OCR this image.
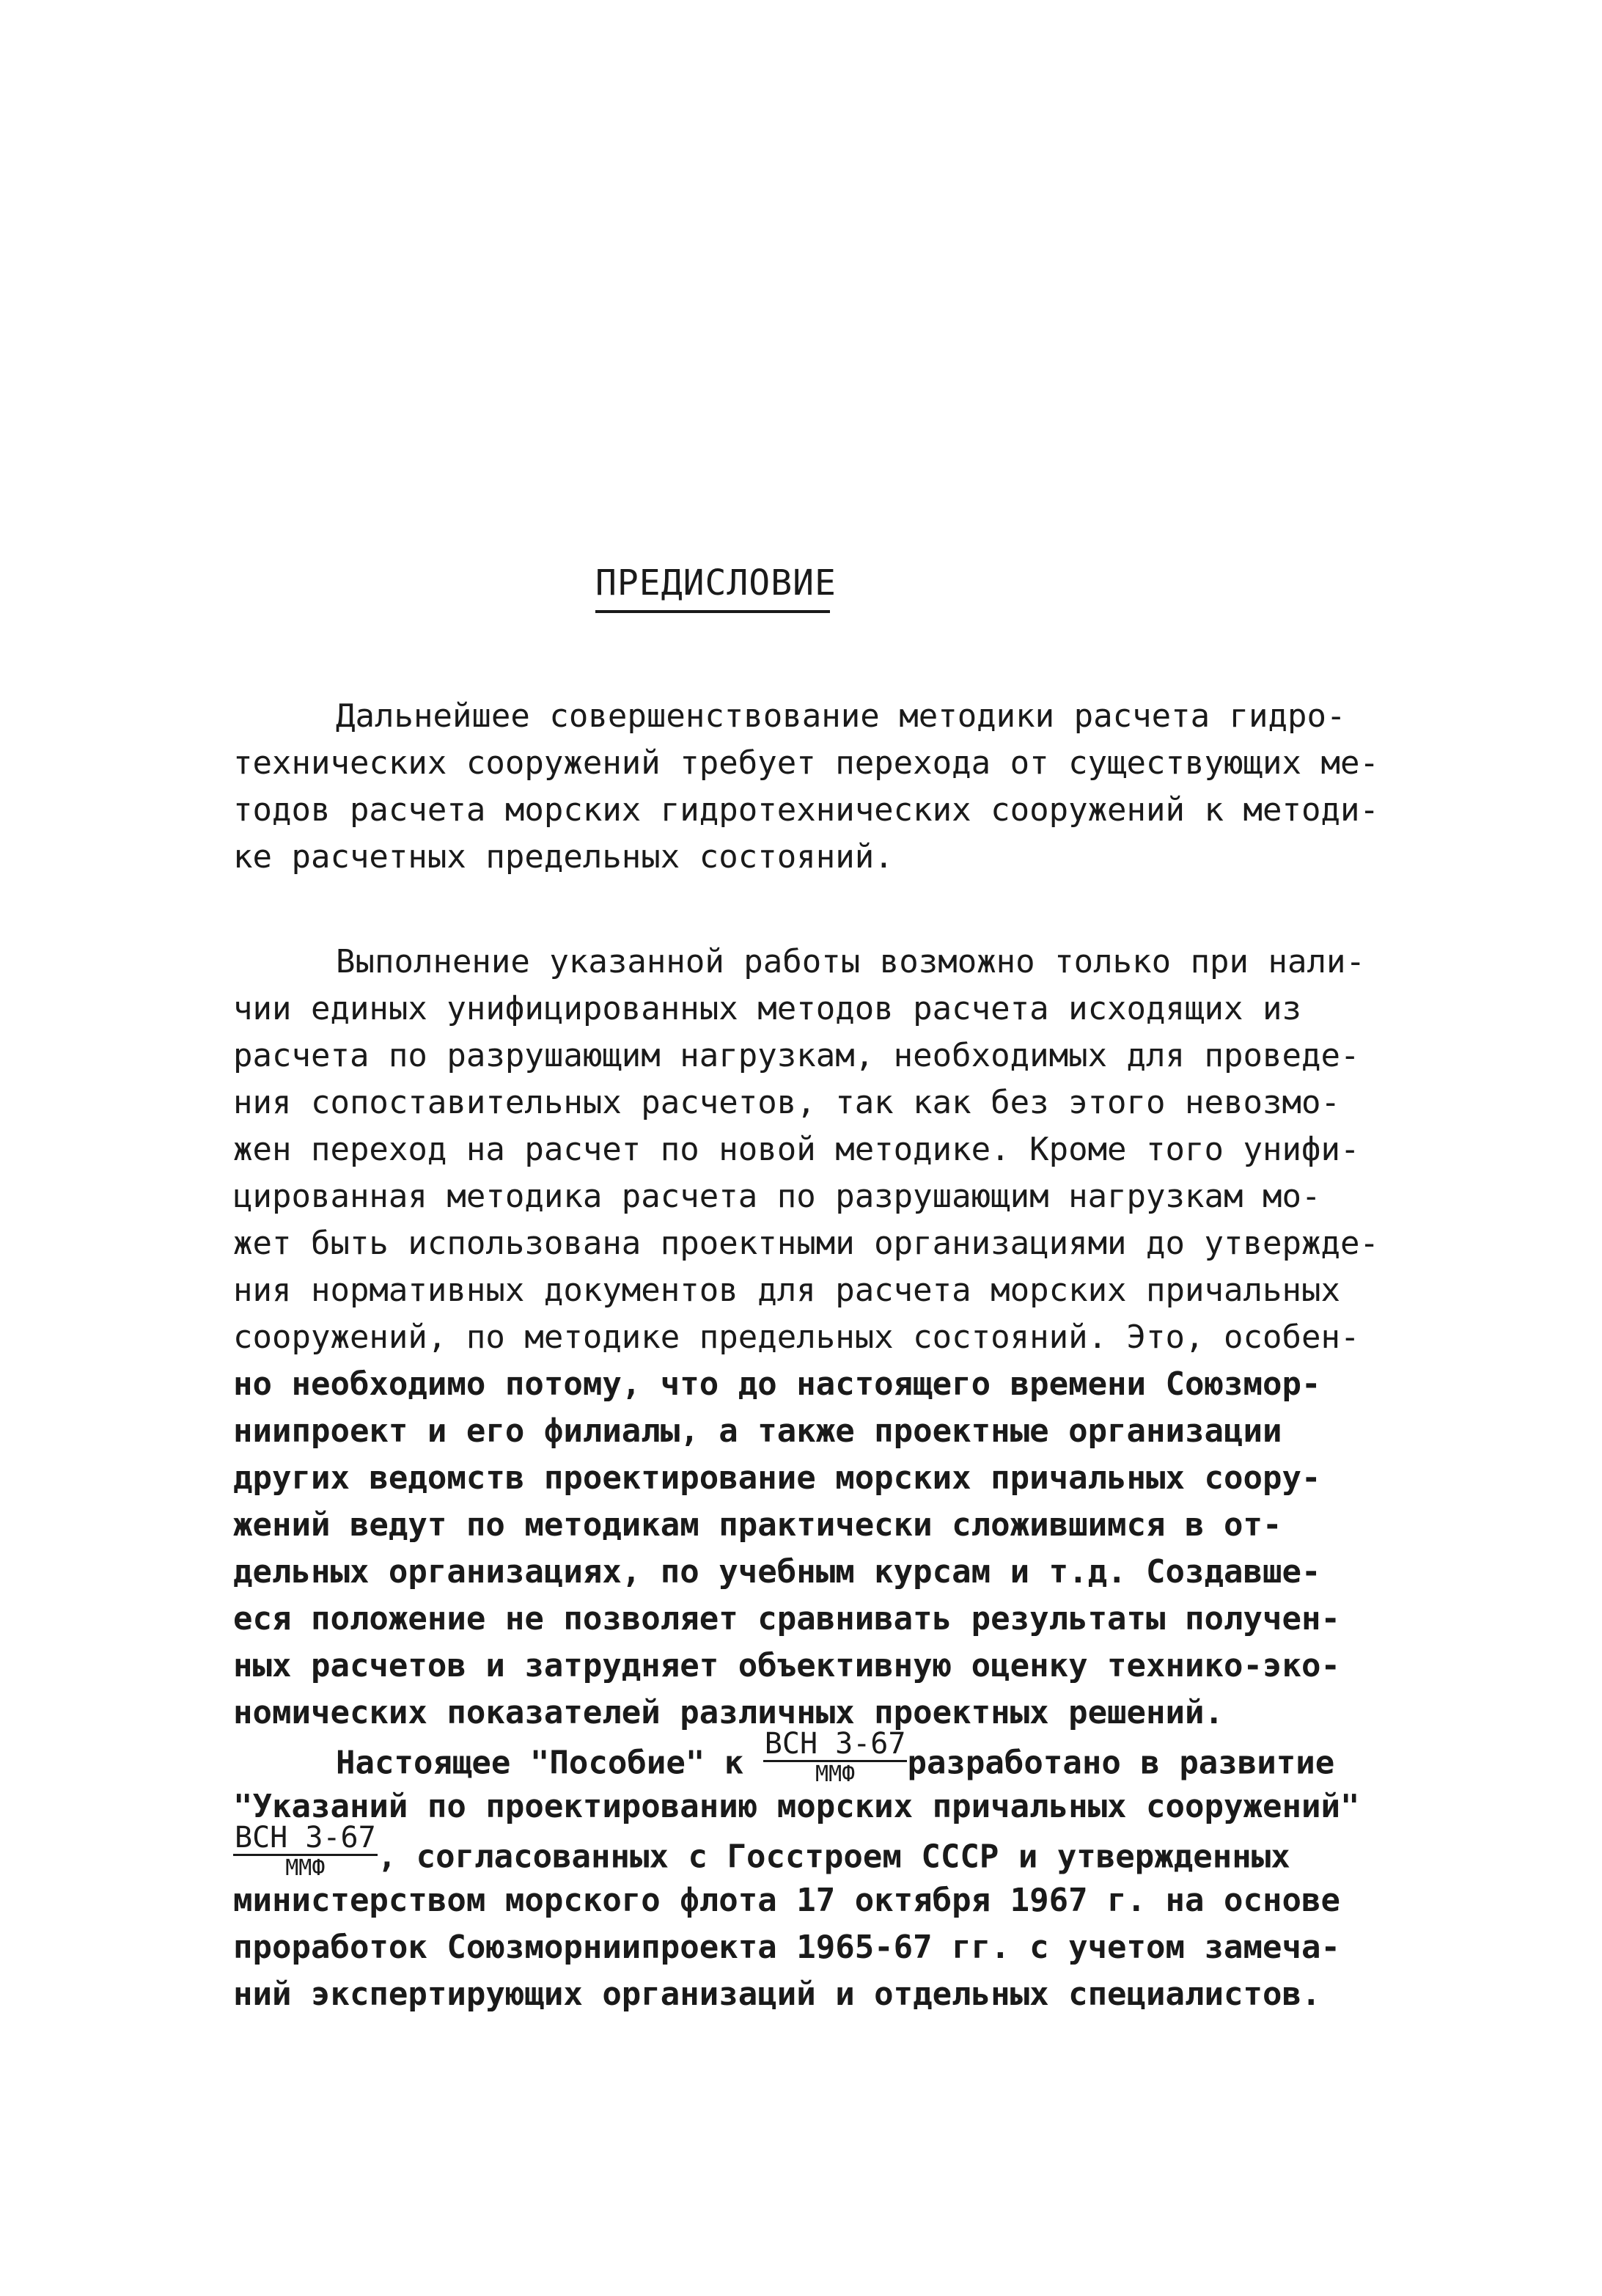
ПРЕДИСЛОВИЕ
Дальнейшее совершенствование методики расчета гидро-
технических сооружений требует перехода от существующих ме-
тодов расчета морских гидротехнических сооружений к методи-
ке расчетных предельных состояний.
Выполнение указанной работы возможно только при нали-
чии единых унифицированных методов расчета исходящих из
расчета по разрушающим нагрузкам, необходимых для проведе-
ния сопоставительных расчетов, так как без этого невозмо-
жен переход на расчет по новой методике. Кроме того унифи-
цированная методика расчета по разрушающим нагрузкам мо-
жет быть использована проектными организациями до утвержде-
ния нормативных документов для расчета морских причальных
сооружений, по методике предельных состояний. Это, особен-
но необходимо потому, что до настоящего времени Союзмор-
ниипроект и его филиалы, а также проектные организации
других ведомств проектирование морских причальных соору-
жений ведут по методикам практически сложившимся в от-
дельных организациях, по учебным курсам и т.д. Создавше-
еся положение не позволяет сравнивать результаты получен-
ных расчетов и затрудняет объективную оценку технико-эко-
номических показателей различных проектных решений.
Настоящее "Пособие" к $\frac{\text{ВСН 3-67}}{\text{ММФ}}$ разработано в развитие
"Указаний по проектированию морских причальных сооружений"
$\frac{\text{ВСН 3-67}}{\text{ММФ}}$ , согласованных с Госстроем СССР и утвержденных
министерством морского флота 17 октября 1967 г. на основе
проработок Союзморниипроекта 1965-67 гг. с учетом замеча-
ний экспертирующих организаций и отдельных специалистов.
